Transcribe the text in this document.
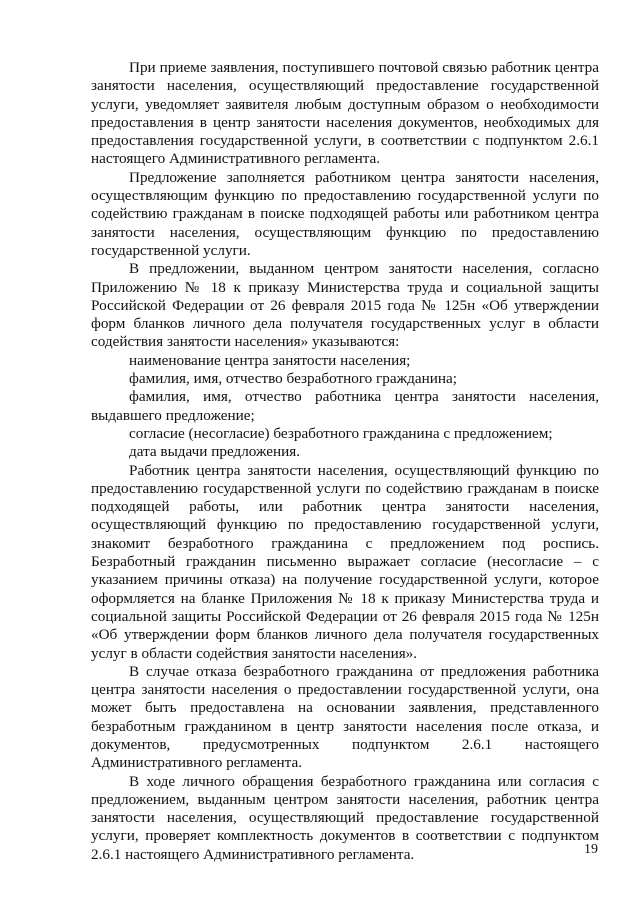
При приеме заявления, поступившего почтовой связью работник центра занятости населения, осуществляющий предоставление государственной услуги, уведомляет заявителя любым доступным образом о необходимости предоставления в центр занятости населения документов, необходимых для предоставления государственной услуги, в соответствии с подпунктом 2.6.1 настоящего Административного регламента.

Предложение заполняется работником центра занятости населения, осуществляющим функцию по предоставлению государственной услуги по содействию гражданам в поиске подходящей работы или работником центра занятости населения, осуществляющим функцию по предоставлению государственной услуги.

В предложении, выданном центром занятости населения, согласно Приложению № 18 к приказу Министерства труда и социальной защиты Российской Федерации от 26 февраля 2015 года № 125н «Об утверждении форм бланков личного дела получателя государственных услуг в области содействия занятости населения» указываются:

наименование центра занятости населения;

фамилия, имя, отчество безработного гражданина;

фамилия, имя, отчество работника центра занятости населения, выдавшего предложение;

согласие (несогласие) безработного гражданина с предложением;

дата выдачи предложения.

Работник центра занятости населения, осуществляющий функцию по предоставлению государственной услуги по содействию гражданам в поиске подходящей работы, или работник центра занятости населения, осуществляющий функцию по предоставлению государственной услуги, знакомит безработного гражданина с предложением под роспись. Безработный гражданин письменно выражает согласие (несогласие – с указанием причины отказа) на получение государственной услуги, которое оформляется на бланке Приложения № 18 к приказу Министерства труда и социальной защиты Российской Федерации от 26 февраля 2015 года № 125н «Об утверждении форм бланков личного дела получателя государственных услуг в области содействия занятости населения».

В случае отказа безработного гражданина от предложения работника центра занятости населения о предоставлении государственной услуги, она может быть предоставлена на основании заявления, представленного безработным гражданином в центр занятости населения после отказа, и документов, предусмотренных подпунктом 2.6.1 настоящего Административного регламента.

В ходе личного обращения безработного гражданина или согласия с предложением, выданным центром занятости населения, работник центра занятости населения, осуществляющий предоставление государственной услуги, проверяет комплектность документов в соответствии с подпунктом 2.6.1 настоящего Административного регламента.	19
